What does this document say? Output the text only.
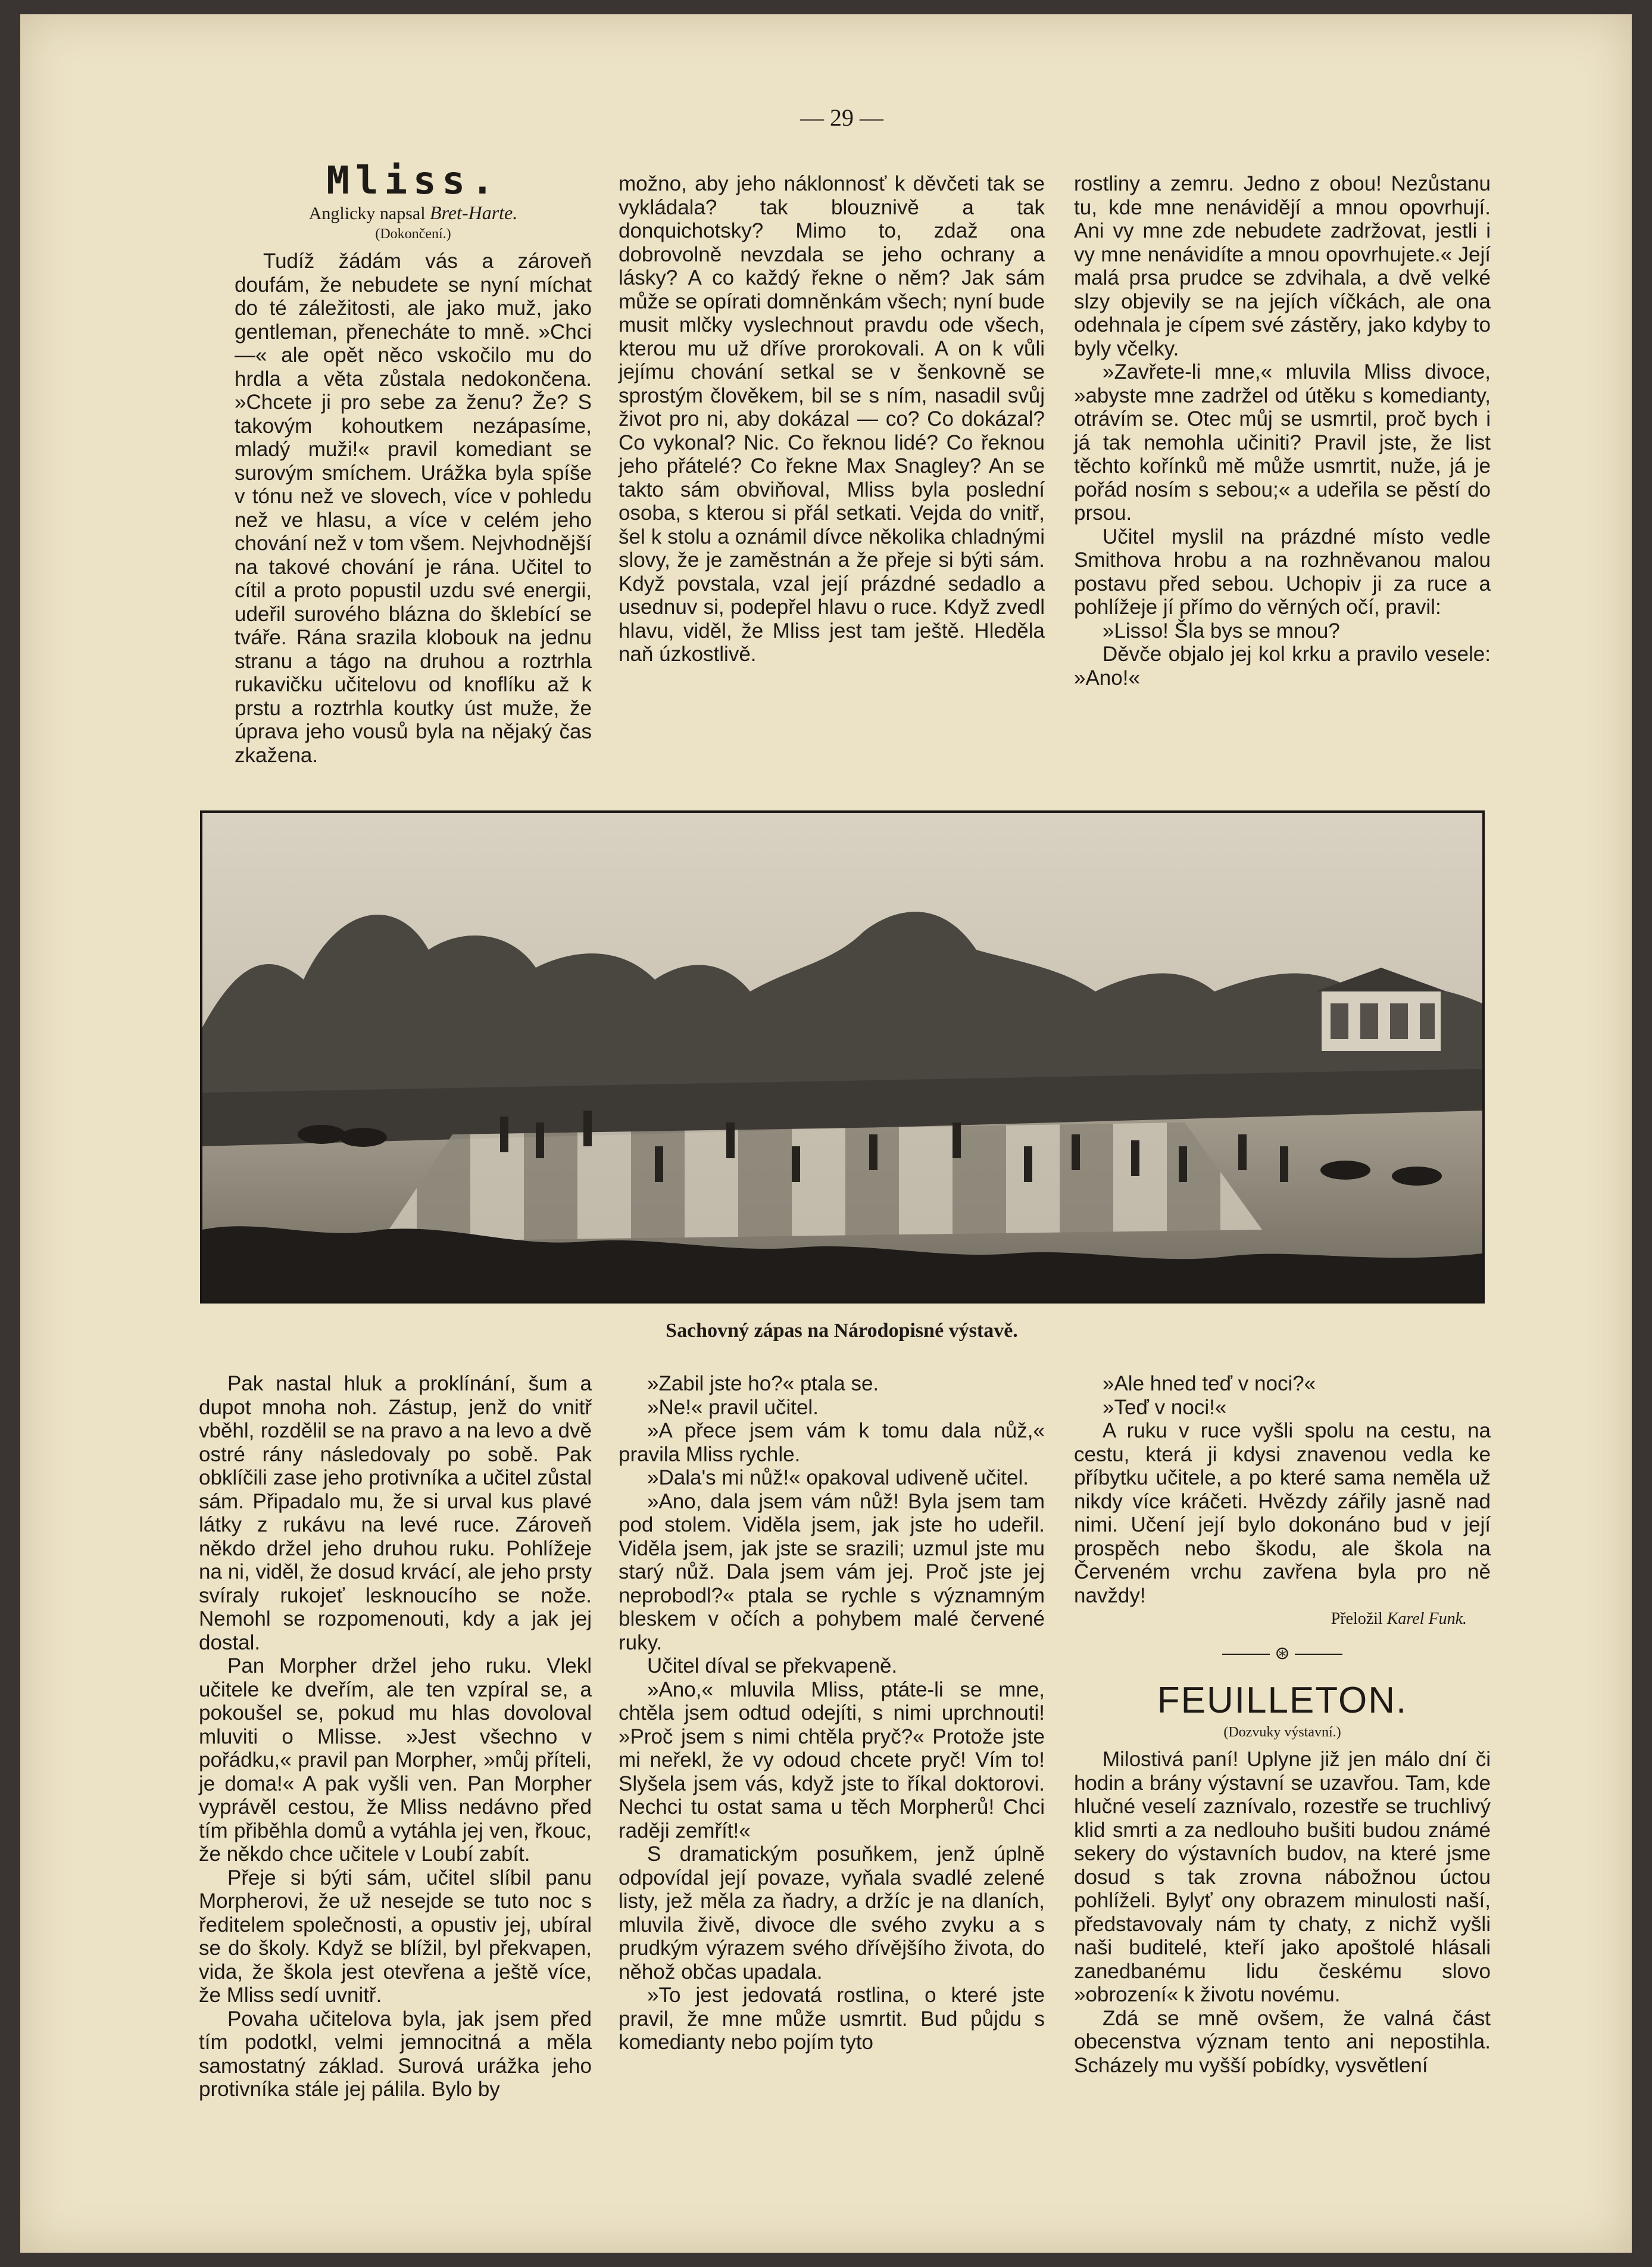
— 29 —
Mliss.
Anglicky napsal Bret-Harte.
(Dokončení.)

Tudíž žádám vás a zároveň doufám, že nebudete se nyní míchat do té záležitosti, ale jako muž, jako gentleman, přenecháte to mně. »Chci —« ale opět něco vskočilo mu do hrdla a věta zůstala nedokončena. »Chcete ji pro sebe za ženu? Že? S takovým kohoutkem nezápasíme, mladý muži!« pravil komediant se surovým smíchem. Urážka byla spíše v tónu než ve slovech, více v pohledu než ve hlasu, a více v celém jeho chování než v tom všem. Nejvhodnější na takové chování je rána. Učitel to cítil a proto popustil uzdu své energii, udeřil surového blázna do šklebící se tváře. Rána srazila klobouk na jednu stranu a tágo na druhou a roztrhla rukavičku učitelovu od knoflíku až k prstu a roztrhla koutky úst muže, že úprava jeho vousů byla na nějaký čas zkažena.

možno, aby jeho náklonnosť k děvčeti tak se vykládala? tak blouznivě a tak donquichotsky? Mimo to, zdaž ona dobrovolně nevzdala se jeho ochrany a lásky? A co každý řekne o něm? Jak sám může se opírati domněnkám všech; nyní bude musit mlčky vyslechnout pravdu ode všech, kterou mu už dříve prorokovali. A on k vůli jejímu chování setkal se v šenkovně se sprostým člověkem, bil se s ním, nasadil svůj život pro ni, aby dokázal — co? Co dokázal? Co vykonal? Nic. Co řeknou lidé? Co řeknou jeho přátelé? Co řekne Max Snagley? An se takto sám obviňoval, Mliss byla poslední osoba, s kterou si přál setkati. Vejda do vnitř, šel k stolu a oznámil dívce několika chladnými slovy, že je zaměstnán a že přeje si býti sám. Když povstala, vzal její prázdné sedadlo a usednuv si, podepřel hlavu o ruce. Když zvedl hlavu, viděl, že Mliss jest tam ještě. Hleděla naň úzkostlivě.

rostliny a zemru. Jedno z obou! Nezůstanu tu, kde mne nenávidějí a mnou opovrhují. Ani vy mne zde nebudete zadržovat, jestli i vy mne nenávidíte a mnou opovrhujete.« Její malá prsa prudce se zdvihala, a dvě velké slzy objevily se na jejích víčkách, ale ona odehnala je cípem své zástěry, jako kdyby to byly včelky.

»Zavřete-li mne,« mluvila Mliss divoce, »abyste mne zadržel od útěku s komedianty, otrávím se. Otec můj se usmrtil, proč bych i já tak nemohla učiniti? Pravil jste, že list těchto kořínků mě může usmrtit, nuže, já je pořád nosím s sebou;« a udeřila se pěstí do prsou.

Učitel myslil na prázdné místo vedle Smithova hrobu a na rozhněvanou malou postavu před sebou. Uchopiv ji za ruce a pohlížeje jí přímo do věrných očí, pravil:

»Lisso! Šla bys se mnou?

Děvče objalo jej kol krku a pravilo vesele: »Ano!«

Sachovný zápas na Národopisné výstavě.

Pak nastal hluk a proklínání, šum a dupot mnoha noh. Zástup, jenž do vnitř vběhl, rozdělil se na pravo a na levo a dvě ostré rány následovaly po sobě. Pak obklíčili zase jeho protivníka a učitel zůstal sám. Připadalo mu, že si urval kus plavé látky z rukávu na levé ruce. Zároveň někdo držel jeho druhou ruku. Pohlížeje na ni, viděl, že dosud krvácí, ale jeho prsty svíraly rukojeť lesknoucího se nože. Nemohl se rozpomenouti, kdy a jak jej dostal.

Pan Morpher držel jeho ruku. Vlekl učitele ke dveřím, ale ten vzpíral se, a pokoušel se, pokud mu hlas dovoloval mluviti o Mlisse. »Jest všechno v pořádku,« pravil pan Morpher, »můj příteli, je doma!« A pak vyšli ven. Pan Morpher vyprávěl cestou, že Mliss nedávno před tím přiběhla domů a vytáhla jej ven, řkouc, že někdo chce učitele v Loubí zabít.

Přeje si býti sám, učitel slíbil panu Morpherovi, že už nesejde se tuto noc s ředitelem společnosti, a opustiv jej, ubíral se do školy. Když se blížil, byl překvapen, vida, že škola jest otevřena a ještě více, že Mliss sedí uvnitř.

Povaha učitelova byla, jak jsem před tím podotkl, velmi jemnocitná a měla samostatný základ. Surová urážka jeho protivníka stále jej pálila. Bylo by

»Zabil jste ho?« ptala se.

»Ne!« pravil učitel.

»A přece jsem vám k tomu dala nůž,« pravila Mliss rychle.

»Dala's mi nůž!« opakoval udiveně učitel.

»Ano, dala jsem vám nůž! Byla jsem tam pod stolem. Viděla jsem, jak jste ho udeřil. Viděla jsem, jak jste se srazili; uzmul jste mu starý nůž. Dala jsem vám jej. Proč jste jej neprobodl?« ptala se rychle s významným bleskem v očích a pohybem malé červené ruky.

Učitel díval se překvapeně.

»Ano,« mluvila Mliss, ptáte-li se mne, chtěla jsem odtud odejíti, s nimi uprchnouti! »Proč jsem s nimi chtěla pryč?« Protože jste mi neřekl, že vy odoud chcete pryč! Vím to! Slyšela jsem vás, když jste to říkal doktorovi. Nechci tu ostat sama u těch Morpherů! Chci raději zemřít!«

S dramatickým posuňkem, jenž úplně odpovídal její povaze, vyňala svadlé zelené listy, jež měla za ňadry, a držíc je na dlaních, mluvila živě, divoce dle svého zvyku a s prudkým výrazem svého dřívějšího života, do něhož občas upadala.

»To jest jedovatá rostlina, o které jste pravil, že mne může usmrtit. Bud půjdu s komedianty nebo pojím tyto

»Ale hned teď v noci?«

»Teď v noci!«

A ruku v ruce vyšli spolu na cestu, na cestu, která ji kdysi znavenou vedla ke příbytku učitele, a po které sama neměla už nikdy více kráčeti. Hvězdy zářily jasně nad nimi. Učení její bylo dokonáno bud v její prospěch nebo škodu, ale škola na Červeném vrchu zavřena byla pro ně navždy!

Přeložil Karel Funk.
⊛
FEUILLETON.
(Dozvuky výstavní.)

Milostivá paní! Uplyne již jen málo dní či hodin a brány výstavní se uzavřou. Tam, kde hlučné veselí zaznívalo, rozestře se truchlivý klid smrti a za nedlouho bušiti budou známé sekery do výstavních budov, na které jsme dosud s tak zrovna nábožnou úctou pohlíželi. Bylyť ony obrazem minulosti naší, představovaly nám ty chaty, z nichž vyšli naši buditelé, kteří jako apoštolé hlásali zanedbanému lidu českému slovo »obrození« k životu novému.

Zdá se mně ovšem, že valná část obecenstva význam tento ani nepostihla. Scházely mu vyšší pobídky, vysvětlení
